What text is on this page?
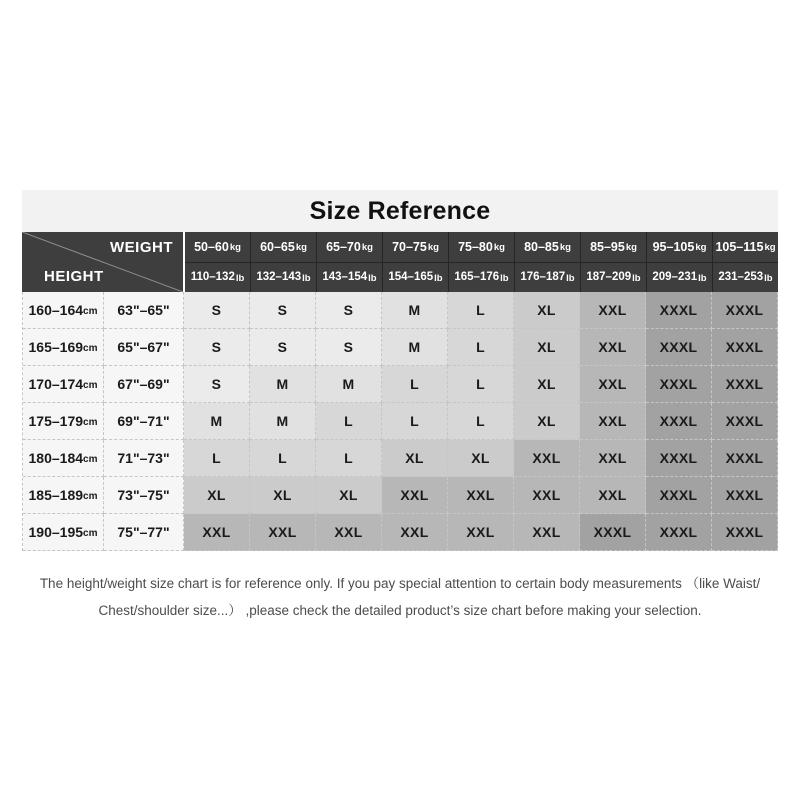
Size Reference
WEIGHT
HEIGHT
50–60 kg 60–65 kg 65–70 kg 70–75 kg 75–80 kg 80–85 kg 85–95 kg 95–105 kg 105–115 kg
110–132 lb 132–143 lb 143–154 lb 154–165 lb 165–176 lb 176–187 lb 187–209 lb 209–231 lb 231–253 lb
160–164 cm	63"–65"	S	S	S	M	L	XL	XXL	XXXL	XXXL
165–169 cm	65"–67"	S	S	S	M	L	XL	XXL	XXXL	XXXL
170–174 cm	67"–69"	S	M	M	L	L	XL	XXL	XXXL	XXXL
175–179 cm	69"–71"	M	M	L	L	L	XL	XXL	XXXL	XXXL
180–184 cm	71"–73"	L	L	L	XL	XL	XXL	XXL	XXXL	XXXL
185–189 cm	73"–75"	XL	XL	XL	XXL	XXL	XXL	XXL	XXXL	XXXL
190–195 cm	75"–77"	XXL	XXL	XXL	XXL	XXL	XXL	XXXL	XXXL	XXXL

The height/weight size chart is for reference only. If you pay special attention to certain body measurements （like Waist/
Chest/shoulder size...） ,please check the detailed product’s size chart before making your selection.
